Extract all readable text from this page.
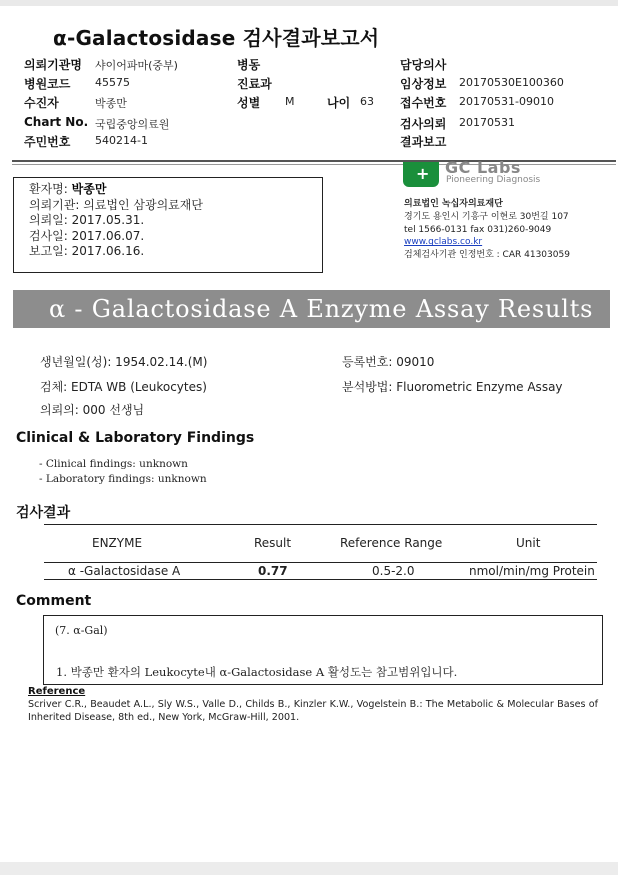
α-Galactosidase 검사결과보고서
의뢰기관명 샤이어파마(중부)
병원코드 45575
수진자	박종만
Chart No. 국립중앙의료원
주민번호 540214-1
병동
진료과
성별 M	나이 63
담당의사
임상정보 20170530E100360
접수번호 20170531-09010
검사의뢰 20170531
결과보고
환자명: 박종만
의뢰기관: 의료법인 삼광의료재단
의뢰일: 2017.05.31.
검사일: 2017.06.07.
보고일: 2017.06.16.
+ GC Labs
Pioneering Diagnosis
의료법인 녹십자의료재단
경기도 용인시 기흥구 이현로 30번길 107
tel 1566-0131 fax 031)260-9049
www.gclabs.co.kr
검체검사기관 인정번호 : CAR 41303059
α - Galactosidase A Enzyme Assay Results
생년월일(성): 1954.02.14.(M)	등록번호: 09010
검체: EDTA WB (Leukocytes)	분석방법: Fluorometric Enzyme Assay
의뢰의: 000 선생님
Clinical & Laboratory Findings
- Clinical findings: unknown
- Laboratory findings: unknown
검사결과
ENZYME	Result	Reference Range	Unit
α -Galactosidase A	0.77	0.5-2.0	nmol/min/mg Protein
Comment
(7. α-Gal)
1. 박종만 환자의 Leukocyte내 α-Galactosidase A 활성도는 참고범위입니다.
Reference
Scriver C.R., Beaudet A.L., Sly W.S., Valle D., Childs B., Kinzler K.W., Vogelstein B.: The Metabolic & Molecular Bases of Inherited Disease, 8th ed., New York, McGraw-Hill, 2001.
